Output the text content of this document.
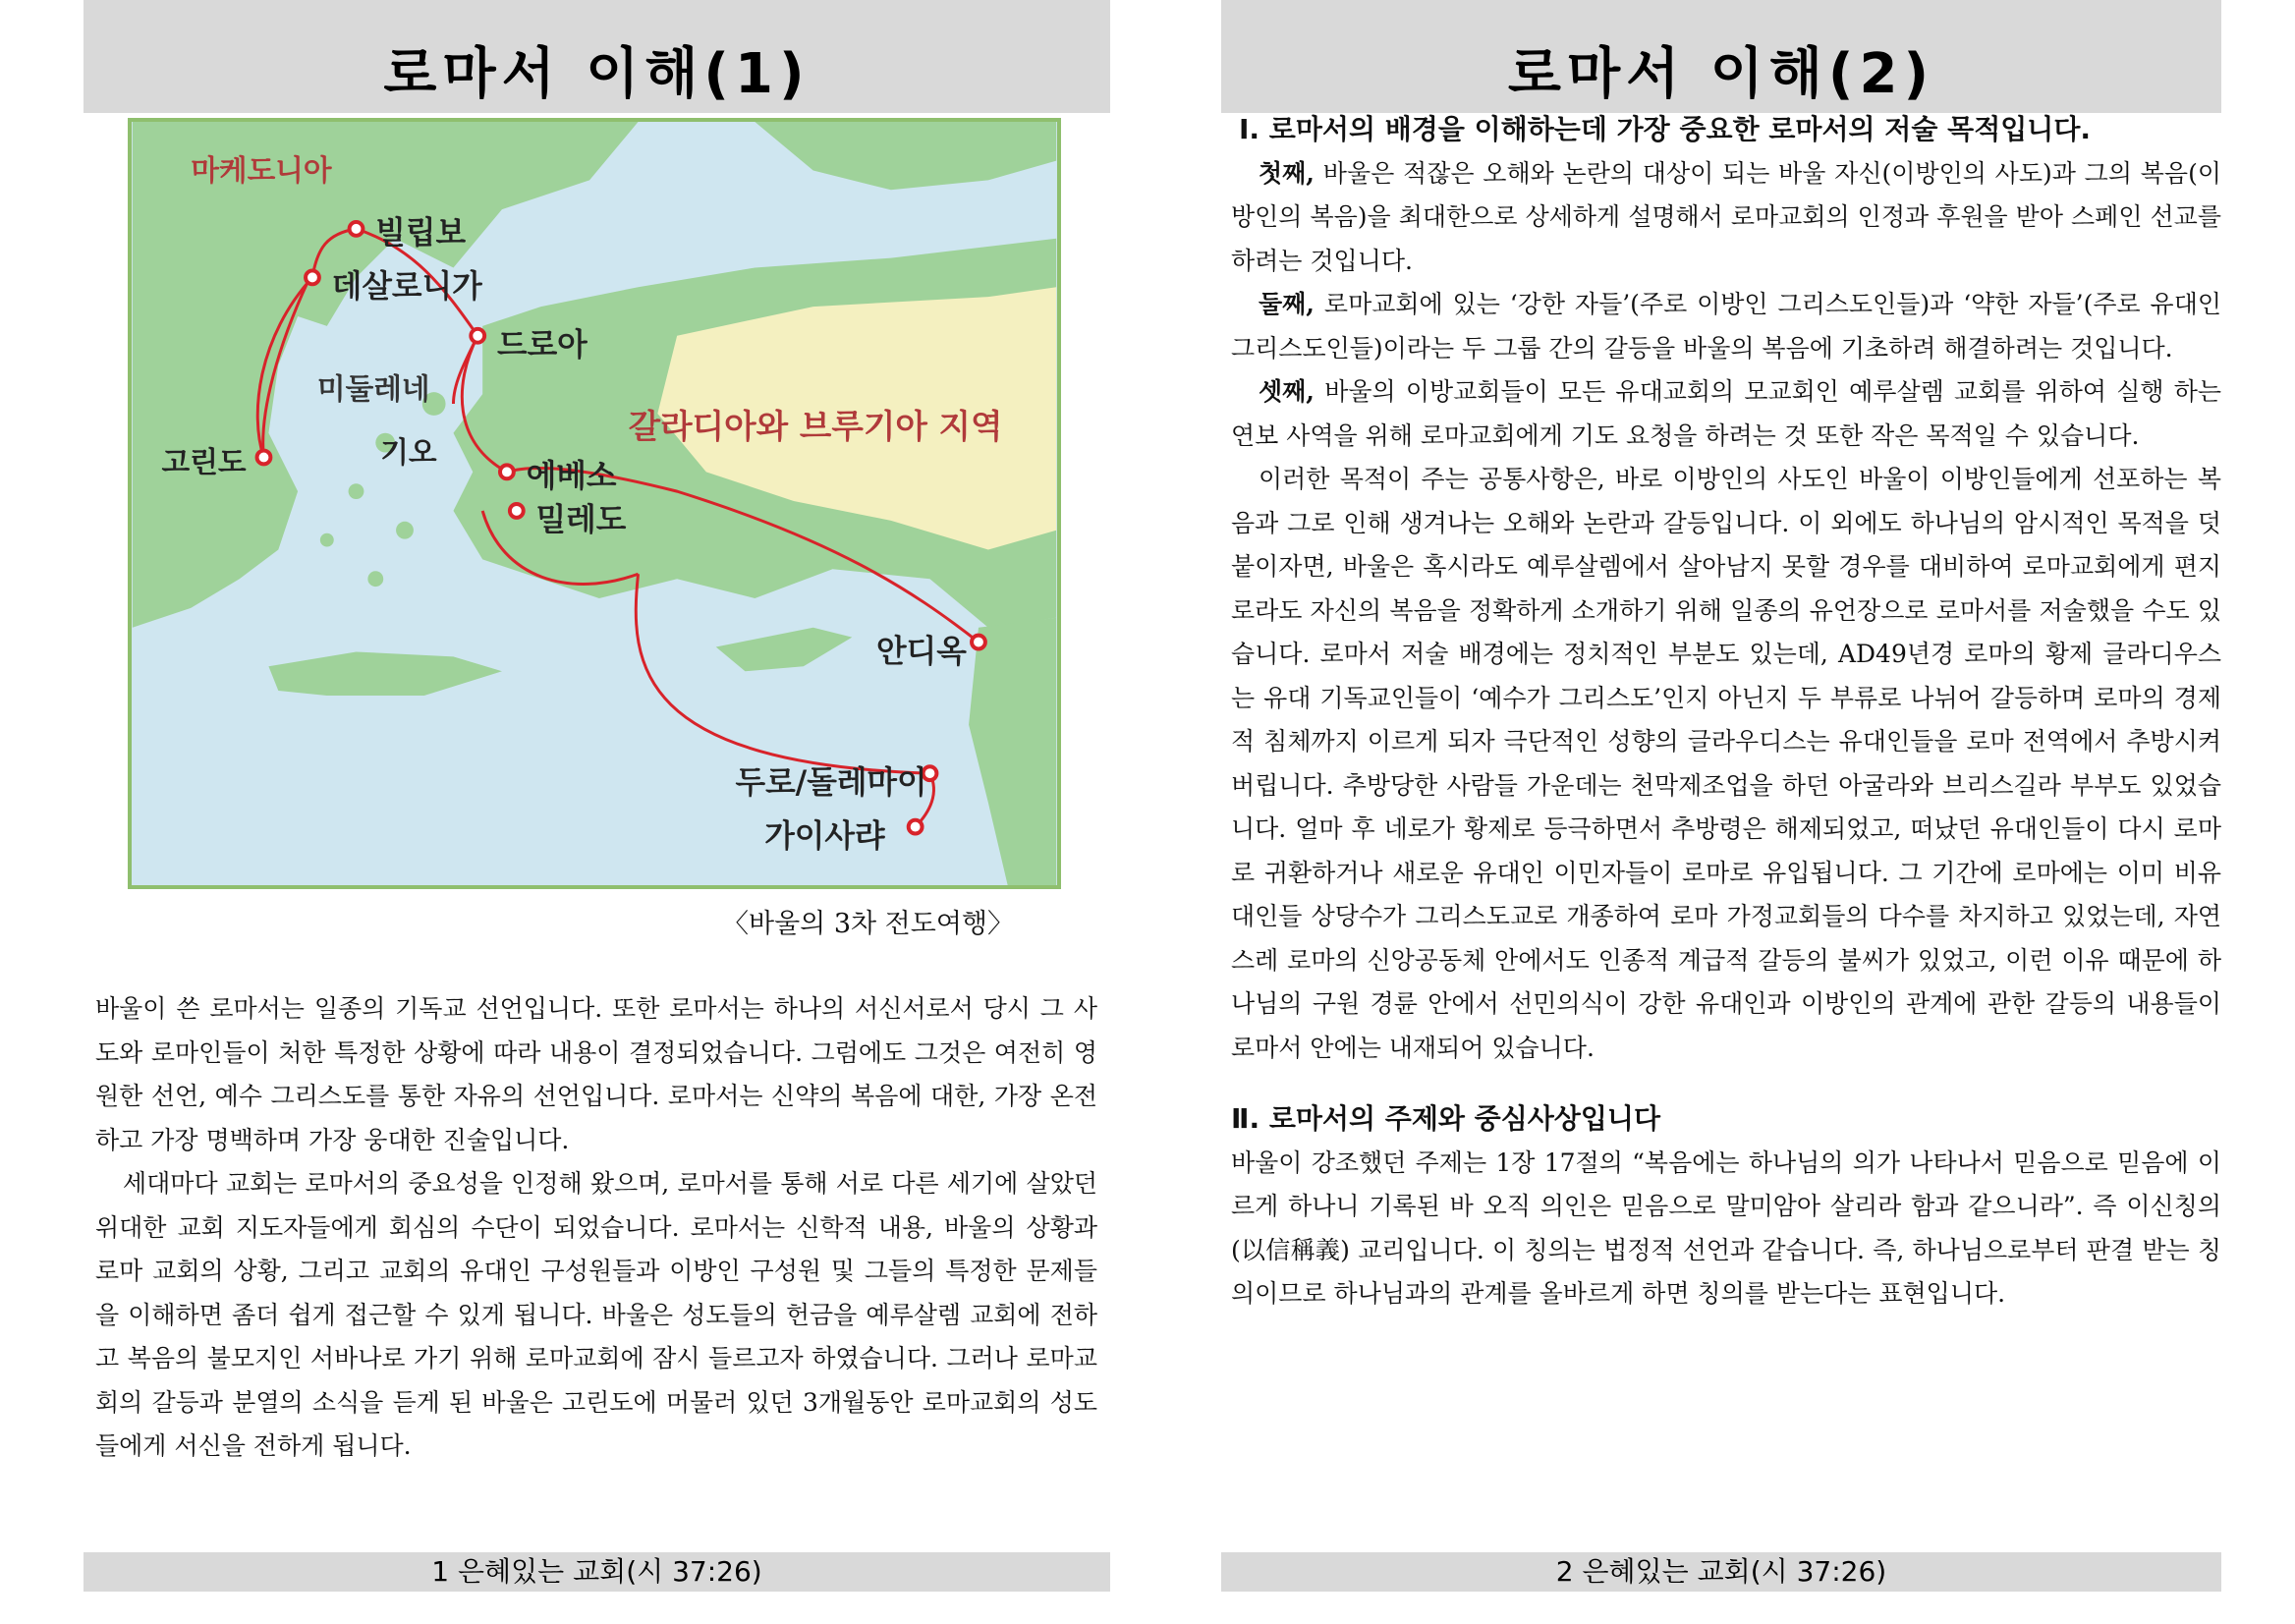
로마서 이해(1)
마케도니아
빌립보
데살로니가
드로아
미둘레네
갈라디아와 브루기아 지역
고린도	기오
에베소
밀레도
안디옥
두로/돌레마이
가이사랴
〈바울의 3차 전도여행〉

바울이 쓴 로마서는 일종의 기독교 선언입니다. 또한 로마서는 하나의 서신서로서 당시 그 사도와 로마인들이 처한 특정한 상황에 따라 내용이 결정되었습니다. 그럼에도 그것은 여전히 영원한 선언, 예수 그리스도를 통한 자유의 선언입니다. 로마서는 신약의 복음에 대한, 가장 온전하고 가장 명백하며 가장 웅대한 진술입니다.

세대마다 교회는 로마서의 중요성을 인정해 왔으며, 로마서를 통해 서로 다른 세기에 살았던 위대한 교회 지도자들에게 회심의 수단이 되었습니다. 로마서는 신학적 내용, 바울의 상황과 로마 교회의 상황, 그리고 교회의 유대인 구성원들과 이방인 구성원 및 그들의 특정한 문제들을 이해하면 좀더 쉽게 접근할 수 있게 됩니다. 바울은 성도들의 헌금을 예루살렘 교회에 전하고 복음의 불모지인 서바나로 가기 위해 로마교회에 잠시 들르고자 하였습니다. 그러나 로마교회의 갈등과 분열의 소식을 듣게 된 바울은 고린도에 머물러 있던 3개월동안 로마교회의 성도들에게 서신을 전하게 됩니다.

1 은혜있는 교회(시 37:26)
로마서 이해(2)

Ⅰ. 로마서의 배경을 이해하는데 가장 중요한 로마서의 저술 목적입니다.

첫째, 바울은 적잖은 오해와 논란의 대상이 되는 바울 자신(이방인의 사도)과 그의 복음(이방인의 복음)을 최대한으로 상세하게 설명해서 로마교회의 인정과 후원을 받아 스페인 선교를 하려는 것입니다.

둘째, 로마교회에 있는 ‘강한 자들’(주로 이방인 그리스도인들)과 ‘약한 자들’(주로 유대인 그리스도인들)이라는 두 그룹 간의 갈등을 바울의 복음에 기초하려 해결하려는 것입니다.

셋째, 바울의 이방교회들이 모든 유대교회의 모교회인 예루살렘 교회를 위하여 실행 하는 연보 사역을 위해 로마교회에게 기도 요청을 하려는 것 또한 작은 목적일 수 있습니다.

이러한 목적이 주는 공통사항은, 바로 이방인의 사도인 바울이 이방인들에게 선포하는 복음과 그로 인해 생겨나는 오해와 논란과 갈등입니다. 이 외에도 하나님의 암시적인 목적을 덧붙이자면, 바울은 혹시라도 예루살렘에서 살아남지 못할 경우를 대비하여 로마교회에게 편지로라도 자신의 복음을 정확하게 소개하기 위해 일종의 유언장으로 로마서를 저술했을 수도 있습니다. 로마서 저술 배경에는 정치적인 부분도 있는데, AD49년경 로마의 황제 글라디우스는 유대 기독교인들이 ‘예수가 그리스도’인지 아닌지 두 부류로 나뉘어 갈등하며 로마의 경제적 침체까지 이르게 되자 극단적인 성향의 글라우디스는 유대인들을 로마 전역에서 추방시켜 버립니다. 추방당한 사람들 가운데는 천막제조업을 하던 아굴라와 브리스길라 부부도 있었습니다. 얼마 후 네로가 황제로 등극하면서 추방령은 해제되었고, 떠났던 유대인들이 다시 로마로 귀환하거나 새로운 유대인 이민자들이 로마로 유입됩니다. 그 기간에 로마에는 이미 비유대인들 상당수가 그리스도교로 개종하여 로마 가정교회들의 다수를 차지하고 있었는데, 자연스레 로마의 신앙공동체 안에서도 인종적 계급적 갈등의 불씨가 있었고, 이런 이유 때문에 하나님의 구원 경륜 안에서 선민의식이 강한 유대인과 이방인의 관계에 관한 갈등의 내용들이 로마서 안에는 내재되어 있습니다.

Ⅱ. 로마서의 주제와 중심사상입니다

바울이 강조했던 주제는 1장 17절의 “복음에는 하나님의 의가 나타나서 믿음으로 믿음에 이르게 하나니 기록된 바 오직 의인은 믿음으로 말미암아 살리라 함과 같으니라”. 즉 이신칭의(以信稱義) 교리입니다. 이 칭의는 법정적 선언과 같습니다. 즉, 하나님으로부터 판결 받는 칭의이므로 하나님과의 관계를 올바르게 하면 칭의를 받는다는 표현입니다.

2 은혜있는 교회(시 37:26)
